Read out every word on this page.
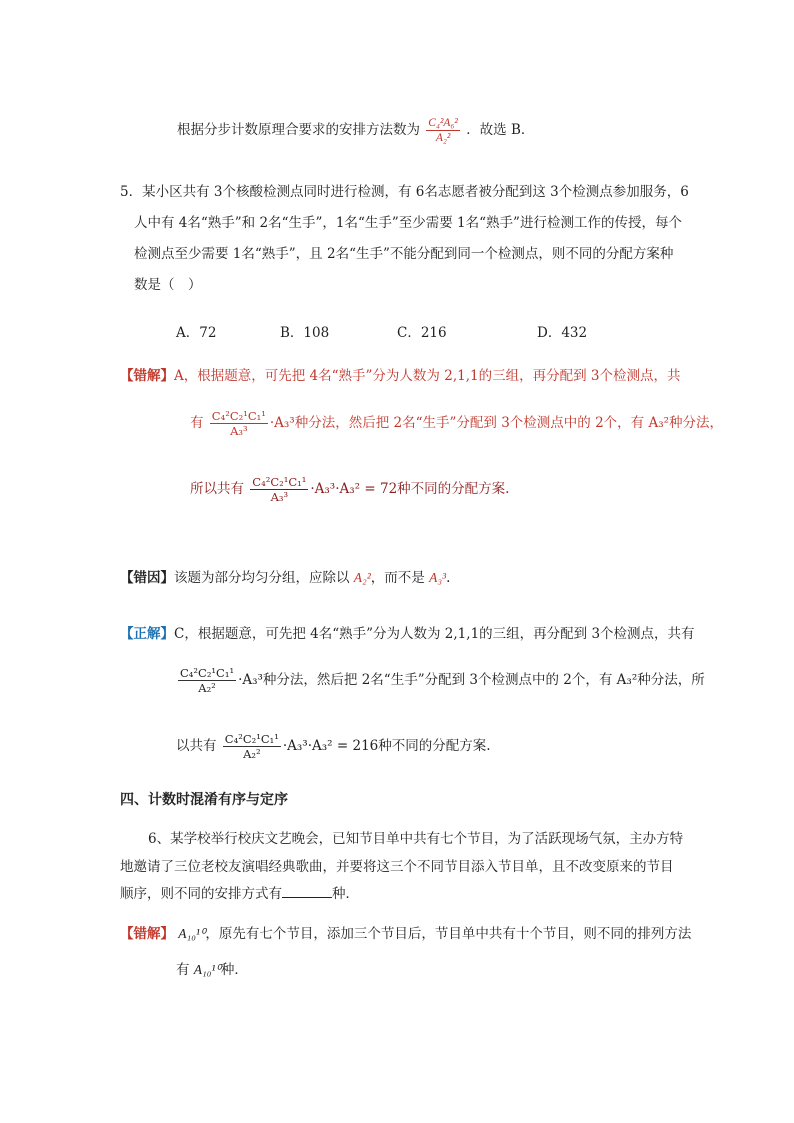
根据分步计数原理合要求的安排方法数为 $\frac{\text{C₄²A₆²}}{\text{A₂²}}$ ．故选 B．
5．某小区共有 3个核酸检测点同时进行检测，有 6名志愿者被分配到这 3个检测点参加服务，6
人中有 4名“熟手”和 2名“生手”，1名“生手”至少需要 1名“熟手”进行检测工作的传授，每个
检测点至少需要 1名“熟手”，且 2名“生手”不能分配到同一个检测点，则不同的分配方案种
数是（　）
A．72	B．108	C．216	D．432
【错解】A，根据题意，可先把 4名“熟手”分为人数为 2,1,1的三组，再分配到 3个检测点，共
有 $\frac{\text{C₄²C₂¹C₁¹}}{\text{A₃³}} \cdot A_3^3$种分法，然后把 2名“生手”分配到 3个检测点中的 2个，有 A₃²种分法，
所以共有 $\frac{\text{C₄²C₂¹C₁¹}}{\text{A₃³}} \cdot A_3^3\cdot A_3^2 = 72$种不同的分配方案.
【错因】该题为部分均匀分组，应除以 A₂²，而不是 A₃³.
【正解】C，根据题意，可先把 4名“熟手”分为人数为 2,1,1的三组，再分配到 3个检测点，共有
$\frac{\text{C₄²C₂¹C₁¹}}{\text{A₂²}} \cdot A_3^3$种分法，然后把 2名“生手”分配到 3个检测点中的 2个，有 A₃²种分法，所
以共有 $\frac{\text{C₄²C₂¹C₁¹}}{\text{A₂²}} \cdot A_3^3\cdot A_3^2 = 216$种不同的分配方案.
四、计数时混淆有序与定序
6、某学校举行校庆文艺晚会，已知节目单中共有七个节目，为了活跃现场气氛，主办方特
地邀请了三位老校友演唱经典歌曲，并要将这三个不同节目添入节目单，且不改变原来的节目
顺序，则不同的安排方式有	种．
【错解】 A₁₀¹⁰，原先有七个节目，添加三个节目后，节目单中共有十个节目，则不同的排列方法
有 A₁₀¹⁰种．
